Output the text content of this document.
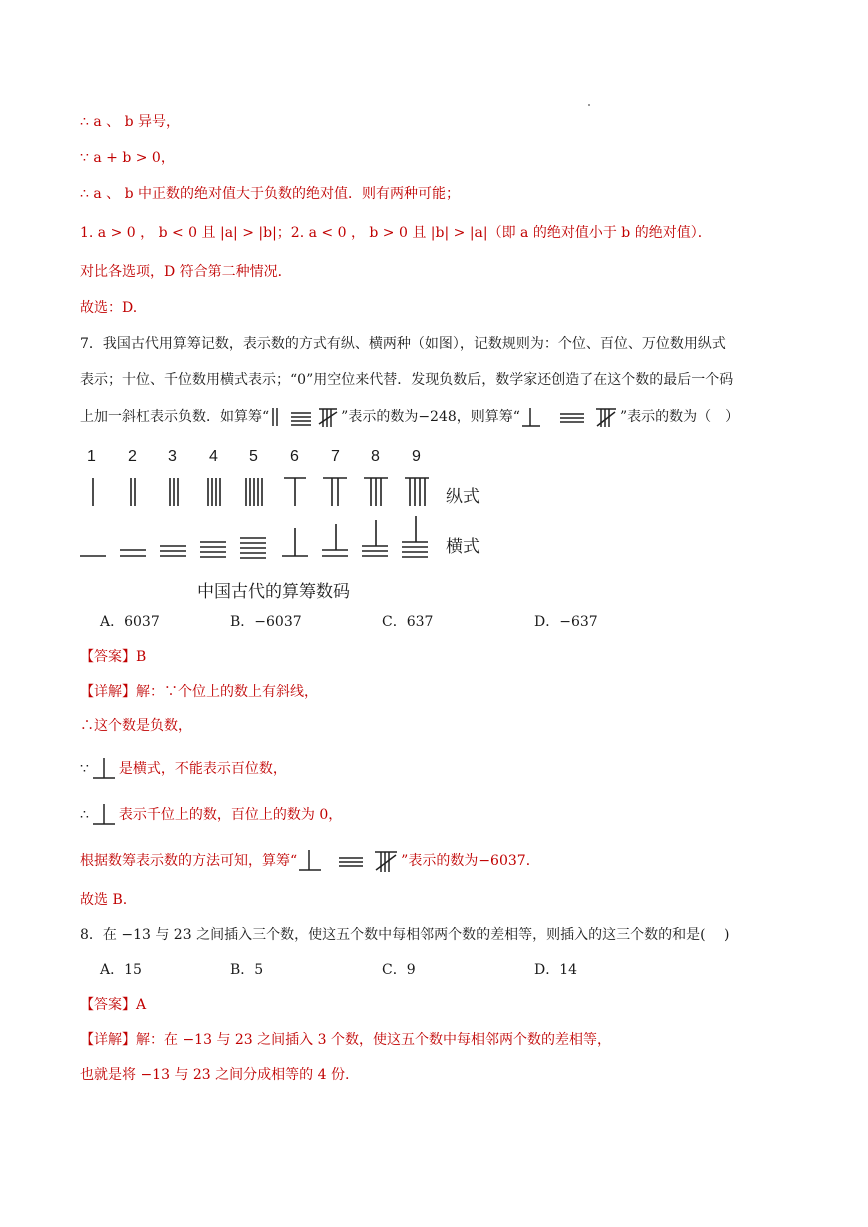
∴ a 、 b 异号，
∵ a + b > 0，
∴ a 、 b 中正数的绝对值大于负数的绝对值．则有两种可能；
1. a > 0 ， b < 0 且 |a| > |b|；2. a < 0 ， b > 0 且 |b| > |a|（即 a 的绝对值小于 b 的绝对值）．
对比各选项，D 符合第二种情况．
故选：D.
7．我国古代用算筹记数，表示数的方式有纵、横两种（如图），记数规则为：个位、百位、万位数用纵式
表示；十位、千位数用横式表示；“0”用空位来代替．发现负数后，数学家还创造了在这个数的最后一个码
上加一斜杠表示负数．如算筹“	”表示的数为−248，则算筹“	”表示的数为（　）
1 2 3 4 5 6 7 8 9
纵式
横式
中国古代的算筹数码
A．6037	B．−6037	C．637	D．−637
【答案】B
【详解】解：∵个位上的数上有斜线，
∴这个数是负数，
∵ 是横式，不能表示百位数，
∴ 表示千位上的数，百位上的数为 0，
根据数筹表示数的方法可知，算筹“	”表示的数为−6037．
故选 B.
8．在 −13 与 23 之间插入三个数，使这五个数中每相邻两个数的差相等，则插入的这三个数的和是(　 )
A．15	B．5	C．9	D．14
【答案】A
【详解】解：在 −13 与 23 之间插入 3 个数，使这五个数中每相邻两个数的差相等，
也就是将 −13 与 23 之间分成相等的 4 份.
